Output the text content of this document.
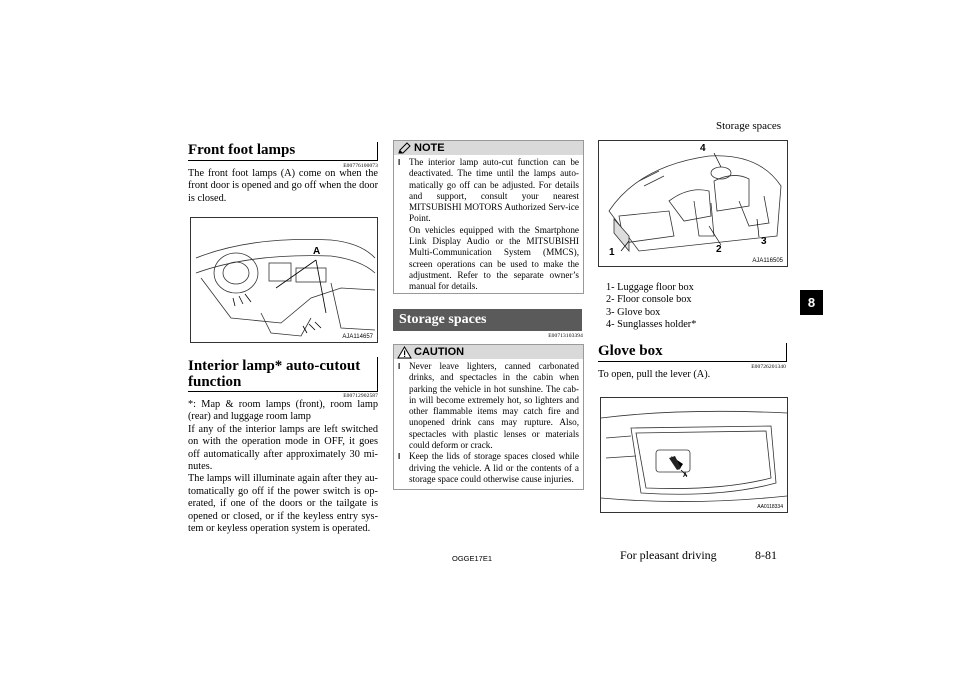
Storage spaces
8
Front foot lamps
E00776100073
The front foot lamps (A) come on when the front door is opened and go off when the door is closed.
A
AJA114657
Interior lamp* auto-cutout
function
E00712902587
*: Map & room lamps (front), room lamp (rear) and luggage room lamp
If any of the interior lamps are left switched on with the operation mode in OFF, it goes off automatically after approximately 30 mi-nutes.
The lamps will illuminate again after they au-tomatically go off if the power switch is op-erated, if one of the doors or the tailgate is opened or closed, or if the keyless entry sys-tem or keyless operation system is operated.
NOTE
l The interior lamp auto-cut function can be deactivated. The time until the lamps auto-matically go off can be adjusted. For details and support, consult your nearest MITSUBISHI MOTORS Authorized Serv-ice Point.
On vehicles equipped with the Smartphone Link Display Audio or the MITSUBISHI Multi-Communication System (MMCS), screen operations can be used to make the adjustment. Refer to the separate owner’s manual for details.
Storage spaces
E00713103394
CAUTION
l Never leave lighters, canned carbonated drinks, and spectacles in the cabin when parking the vehicle in hot sunshine. The cab-in will become extremely hot, so lighters and other flammable items may catch fire and unopened drink cans may rupture. Also, spectacles with plastic lenses or materials could deform or crack.
l Keep the lids of storage spaces closed while driving the vehicle. A lid or the contents of a storage space could otherwise cause injuries.
4
1	2
3
AJA116505
1- Luggage floor box
2- Floor console box
3- Glove box
4- Sunglasses holder*
Glove box
E00726201340
To open, pull the lever (A).
A
AA0118334
OGGE17E1	For pleasant driving	8-81
